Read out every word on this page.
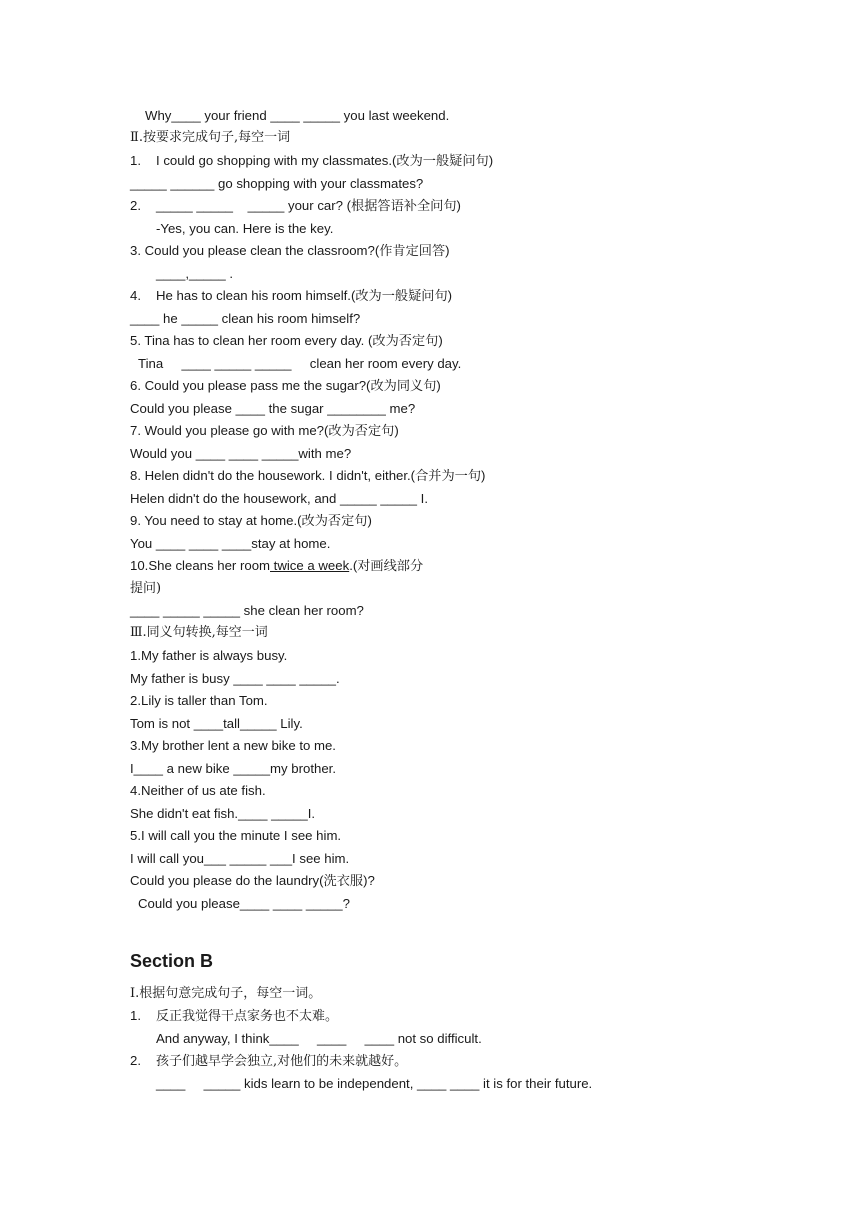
Why____ your friend ____ _____ you last weekend.
Ⅱ.按要求完成句子,每空一词
1. I could go shopping with my classmates.(改为一般疑问句)
_____ ______ go shopping with your classmates?
2. _____ _____    _____ your car? (根据答语补全问句)
-Yes, you can. Here is the key.
3. Could you please clean the classroom?(作肯定回答)
____,_____ .
4. He has to clean his room himself.(改为一般疑问句)
____ he _____ clean his room himself?
5. Tina has to clean her room every day. (改为否定句)
Tina     ____ _____ _____     clean her room every day.
6. Could you please pass me the sugar?(改为同义句)
Could you please ____ the sugar ________ me?
7. Would you please go with me?(改为否定句)
Would you ____ ____ _____with me?
8. Helen didn't do the housework. I didn't, either.(合并为一句)
Helen didn't do the housework, and _____ _____ I.
9. You need to stay at home.(改为否定句)
You ____ ____ ____stay at home.
10.She cleans her room twice a week.(对画线部分
提问)
____ _____ _____ she clean her room?
Ⅲ.同义句转换,每空一词
1.My father is always busy.
My father is busy ____ ____ _____.
2.Lily is taller than Tom.
Tom is not ____tall_____ Lily.
3.My brother lent a new bike to me.
I____ a new bike _____my brother.
4.Neither of us ate fish.
She didn't eat fish.____ _____I.
5.I will call you the minute I see him.
I will call you___ _____ ___I see him.
Could you please do the laundry(洗衣服)?
Could you please____ ____ _____?
Section B
Ⅰ.根据句意完成句子，每空一词。
1. 反正我觉得干点家务也不太难。
And anyway, I think____     ____     ____ not so difficult.
2. 孩子们越早学会独立,对他们的未来就越好。
____     _____ kids learn to be independent, ____ ____ it is for their future.
